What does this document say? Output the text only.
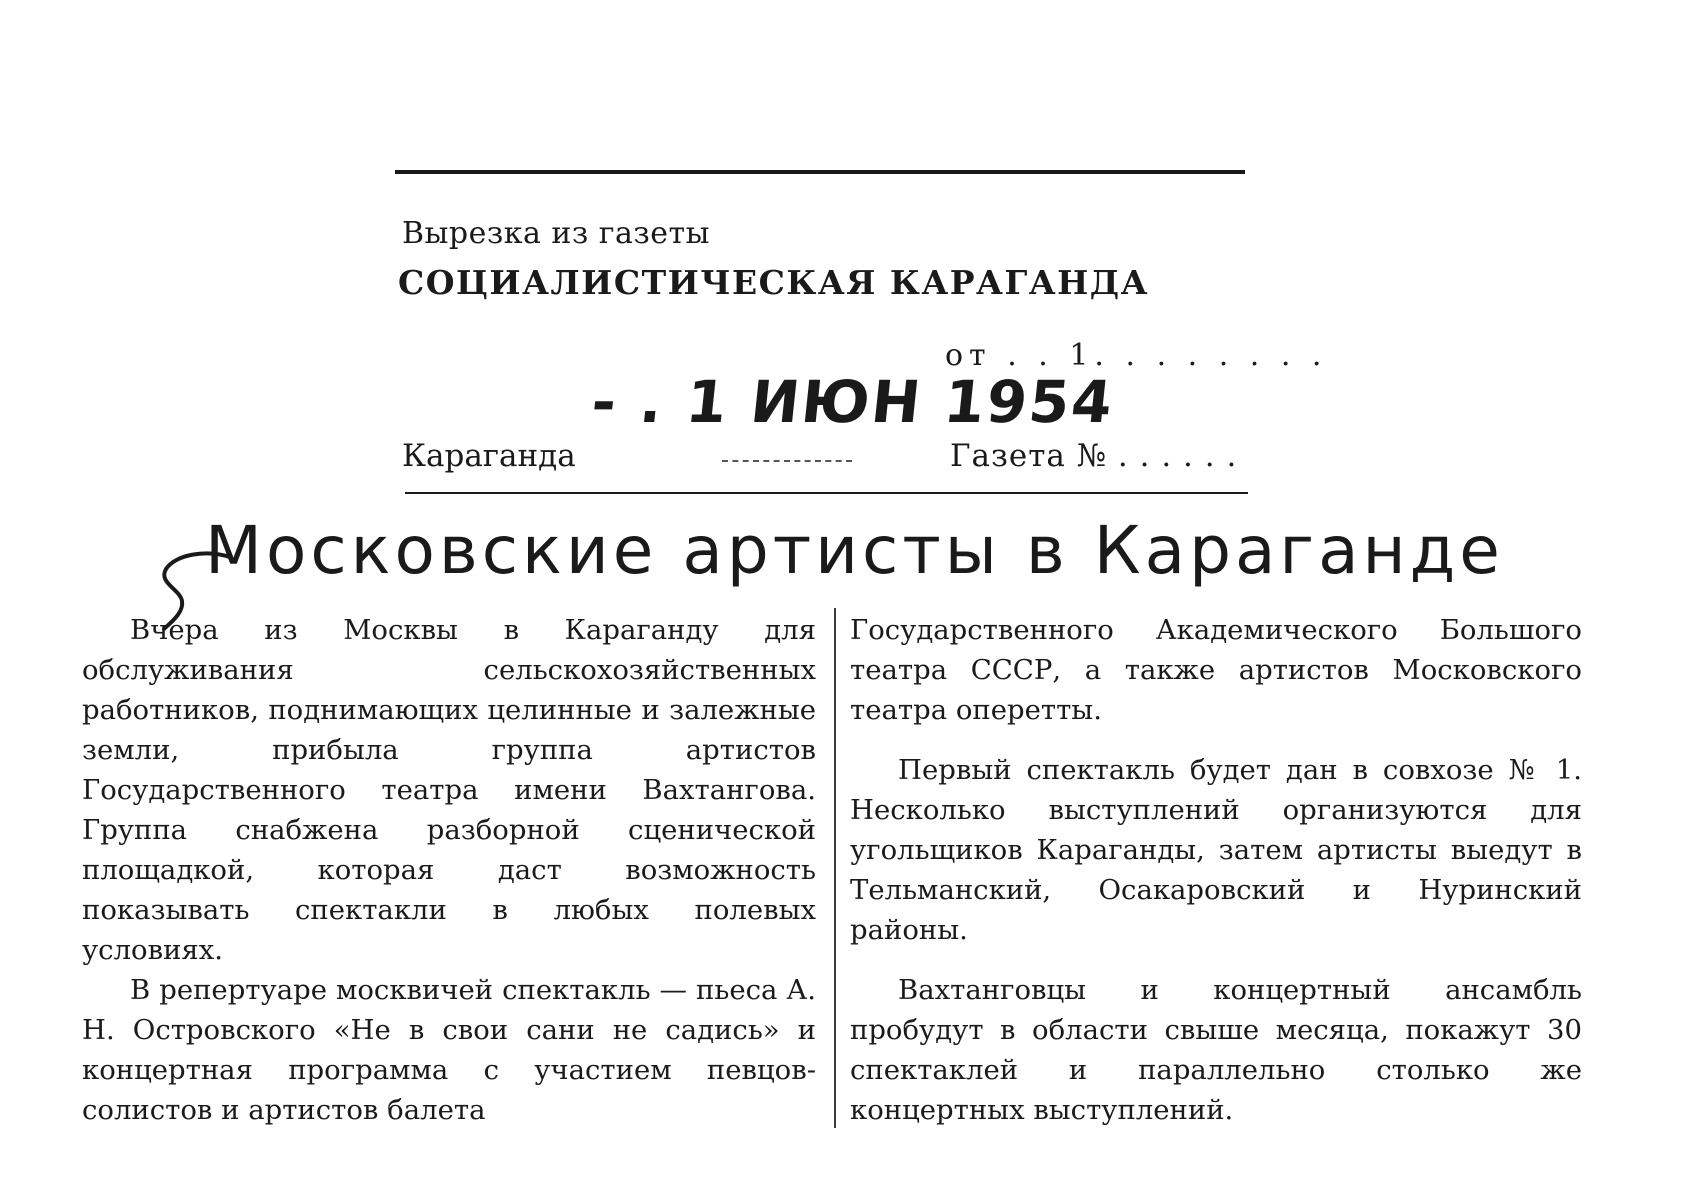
Вырезка из газеты
СОЦИАЛИСТИЧЕСКАЯ КАРАГАНДА
от . . 1. . . . . . . .
- . 1 ИЮН 1954
Караганда	Газета № . . . . . .
Московские артисты в Караганде

Вчера из Москвы в Караганду для обслуживания сельскохозяйственных работников, поднимающих целинные и залежные земли, прибыла группа артистов Государственного театра имени Вахтангова. Группа снабжена разборной сценической площадкой, которая даст возможность показывать спектакли в любых полевых условиях.

В репертуаре москвичей спектакль — пьеса А. Н. Островского «Не в свои сани не садись» и концертная программа с участием певцов-солистов и артистов балета

Государственного Академического Большого театра СССР, а также артистов Московского театра оперетты.

Первый спектакль будет дан в совхозе № 1. Несколько выступлений организуются для угольщиков Караганды, затем артисты выедут в Тельманский, Осакаровский и Нуринский районы.

Вахтанговцы и концертный ансамбль пробудут в области свыше месяца, покажут 30 спектаклей и параллельно столько же концертных выступлений.
